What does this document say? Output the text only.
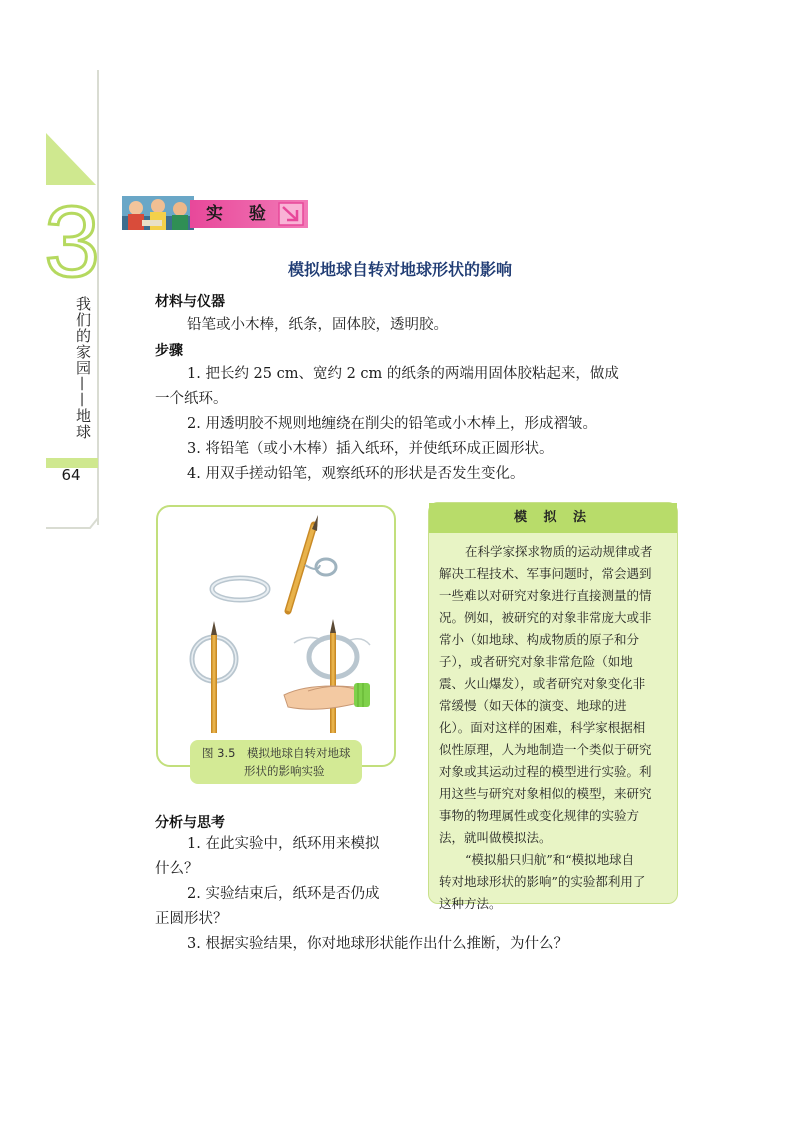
3
我们的家园——地球
64
实 验
模拟地球自转对地球形状的影响
材料与仪器
铅笔或小木棒，纸条，固体胶，透明胶。
步骤
1. 把长约 25 cm、宽约 2 cm 的纸条的两端用固体胶粘起来，做成
一个纸环。
2. 用透明胶不规则地缠绕在削尖的铅笔或小木棒上，形成褶皱。
3. 将铅笔（或小木棒）插入纸环，并使纸环成正圆形状。
4. 用双手搓动铅笔，观察纸环的形状是否发生变化。
图 3.5　模拟地球自转对地球
形状的影响实验
分析与思考
1. 在此实验中，纸环用来模拟
什么？
2. 实验结束后，纸环是否仍成
正圆形状？
3. 根据实验结果，你对地球形状能作出什么推断，为什么？
模 拟 法
在科学家探求物质的运动规律或者
解决工程技术、军事问题时，常会遇到
一些难以对研究对象进行直接测量的情
况。例如，被研究的对象非常庞大或非
常小（如地球、构成物质的原子和分
子），或者研究对象非常危险（如地
震、火山爆发），或者研究对象变化非
常缓慢（如天体的演变、地球的进
化）。面对这样的困难，科学家根据相
似性原理，人为地制造一个类似于研究
对象或其运动过程的模型进行实验。利
用这些与研究对象相似的模型，来研究
事物的物理属性或变化规律的实验方
法，就叫做模拟法。
“模拟船只归航”和“模拟地球自
转对地球形状的影响”的实验都利用了
这种方法。
